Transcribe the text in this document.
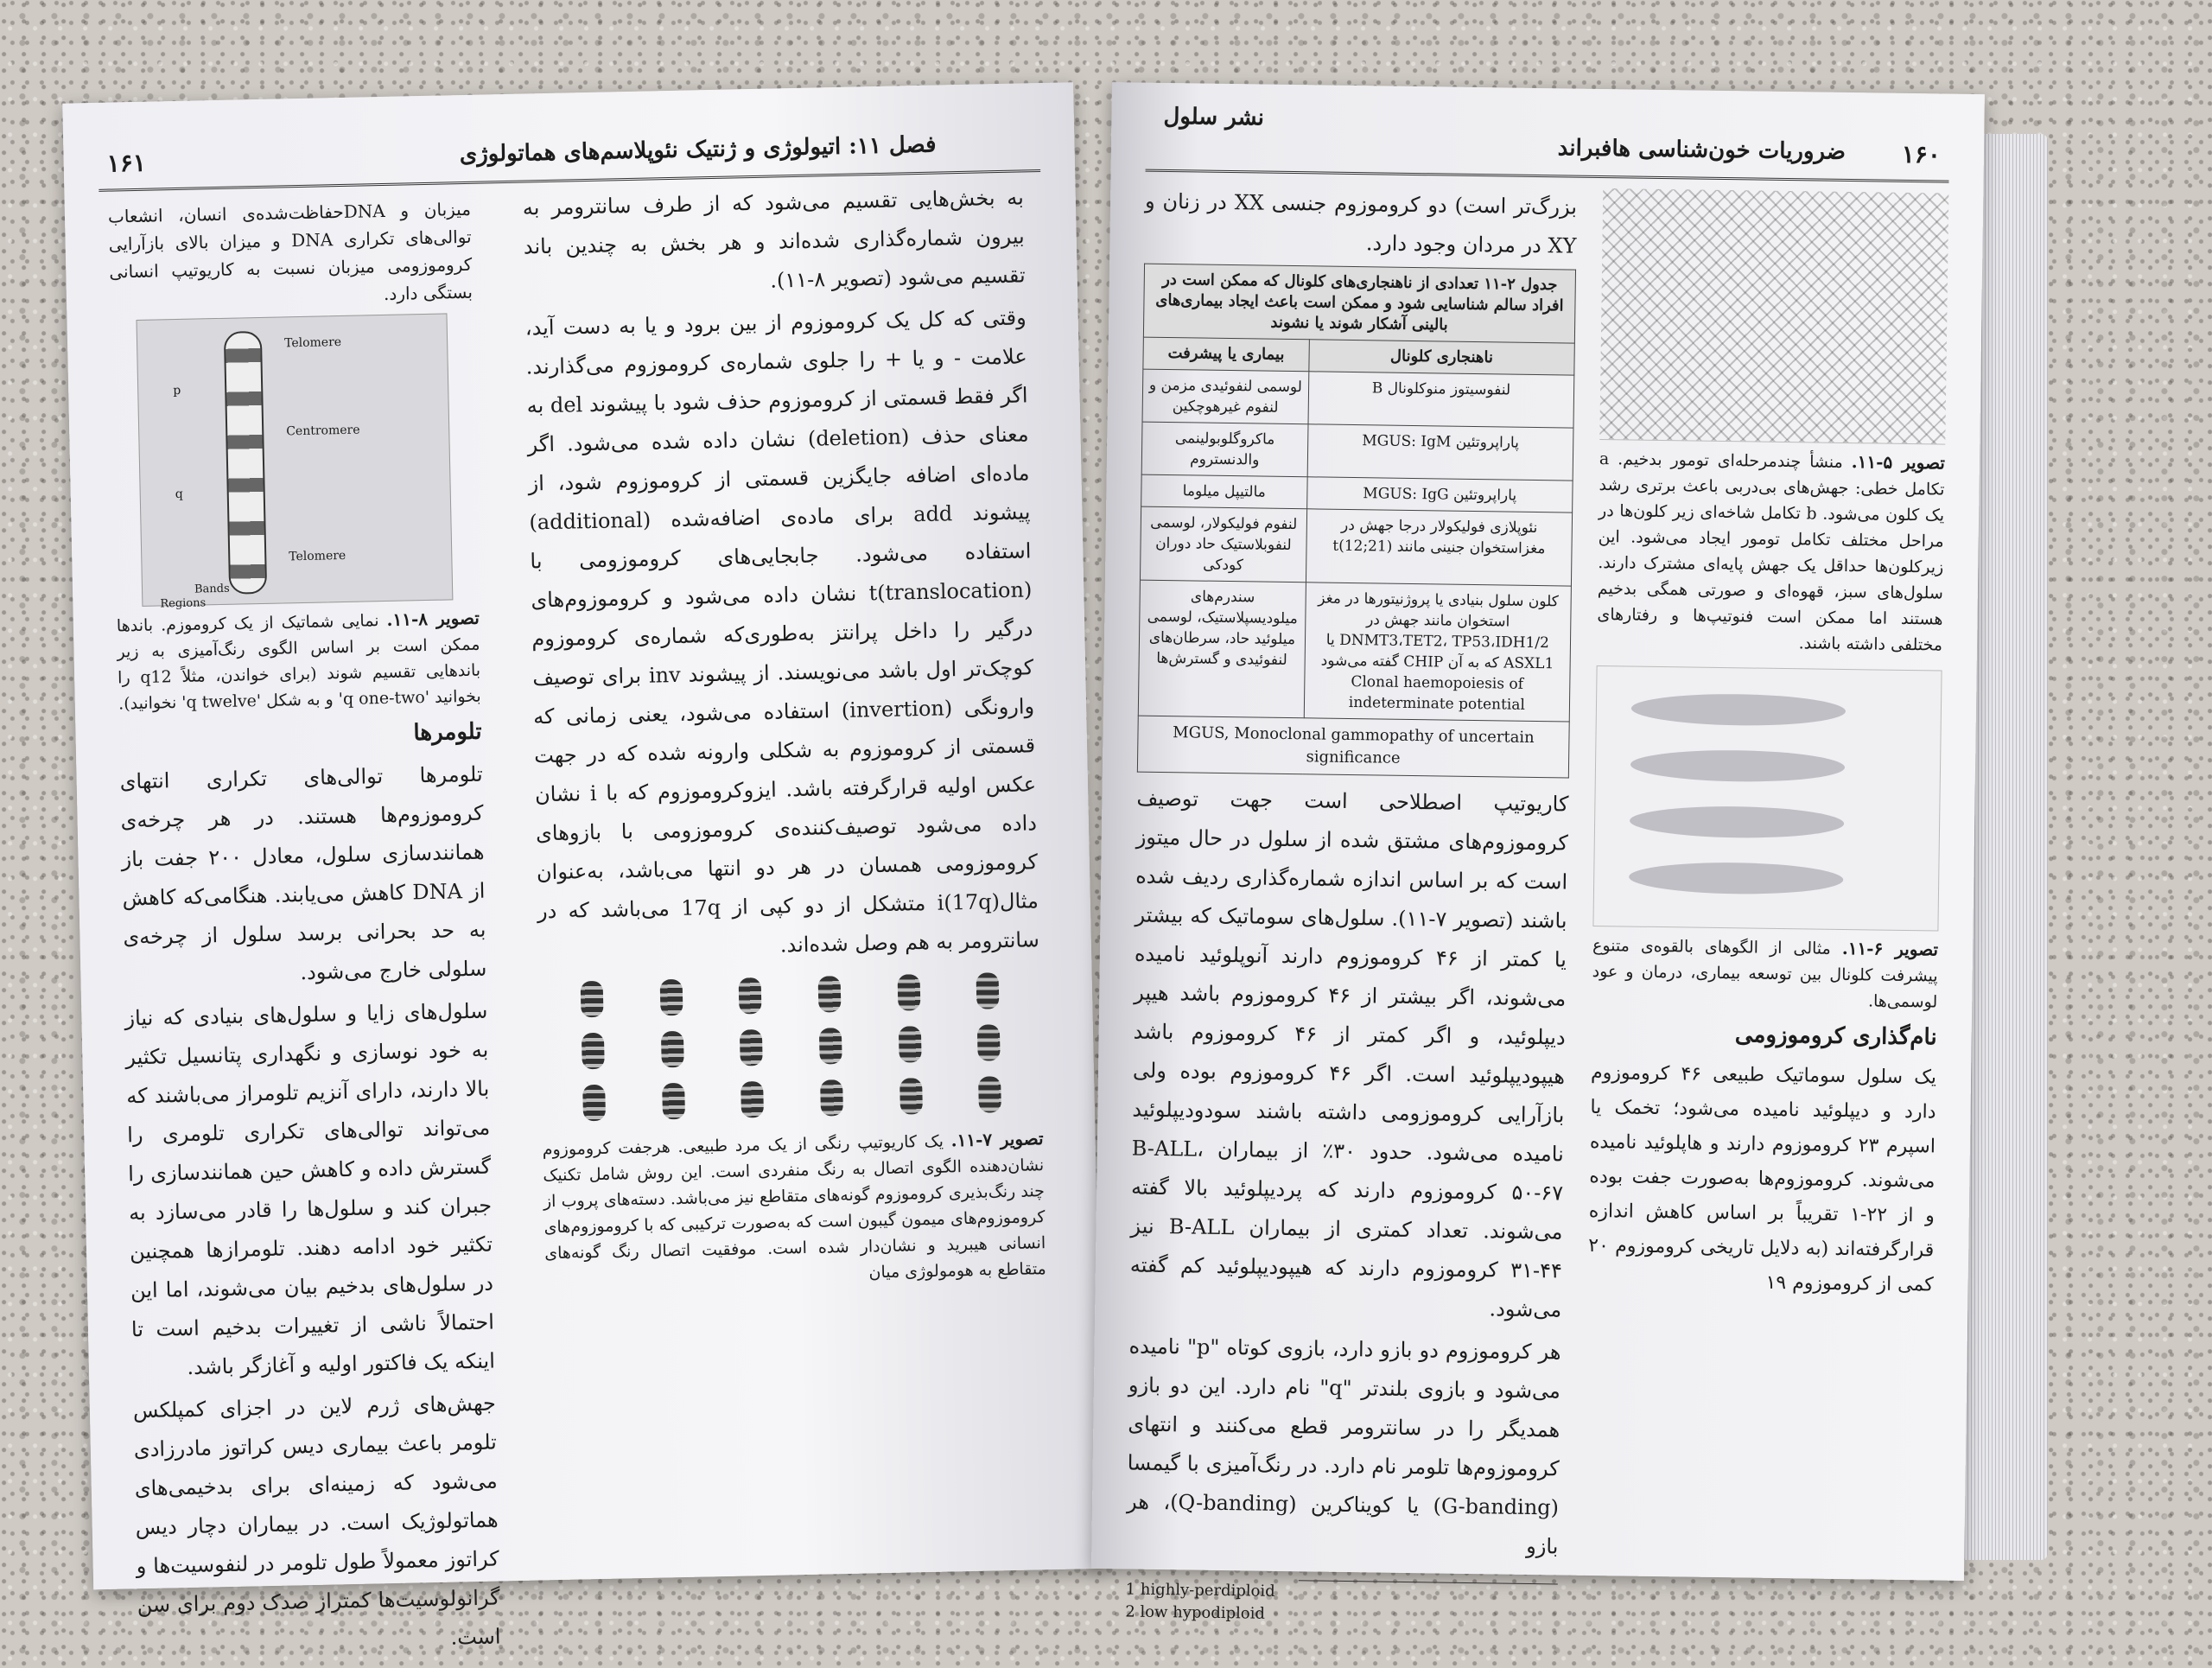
فصل ۱۱: اتیولوژی و ژنتیک نئوپلاسم‌های هماتولوژی
۱۶۱

به بخش‌هایی تقسیم می‌شود که از طرف سانترومر به بیرون شماره‌گذاری شده‌اند و هر بخش به چندین باند تقسیم می‌شود (تصویر ۸-۱۱).

وقتی که کل یک کروموزوم از بین برود و یا به دست آید، علامت - و یا + را جلوی شماره‌ی کروموزوم می‌گذارند. اگر فقط قسمتی از کروموزوم حذف شود با پیشوند del به معنای حذف (deletion) نشان داده شده می‌شود. اگر ماده‌ای اضافه جایگزین قسمتی از کروموزوم شود، از پیشوند add برای ماده‌ی اضافه‌شده (additional) استفاده می‌شود. جابجایی‌های کروموزومی با (translocation)t نشان داده می‌شود و کروموزوم‌های درگیر را داخل پرانتز به‌طوری‌که شماره‌ی کروموزوم کوچک‌تر اول باشد می‌نویسند. از پیشوند inv برای توصیف وارونگی (invertion) استفاده می‌شود، یعنی زمانی که قسمتی از کروموزوم به شکلی وارونه شده که در جهت عکس اولیه قرارگرفته باشد. ایزوکروموزوم که با i نشان داده می‌شود توصیف‌کننده‌ی کروموزومی با بازوهای کروموزومی همسان در هر دو انتها می‌باشد، به‌عنوان مثال(17q)i متشکل از دو کپی از 17q می‌باشد که در سانترومر به هم وصل شده‌اند.

تصویر ۷-۱۱. یک کاریوتیپ رنگی از یک مرد طبیعی. هرجفت کروموزوم نشان‌دهنده الگوی اتصال به رنگ منفردی است. این روش شامل تکنیک چند رنگ‌بذیری کروموزوم گونه‌های متقاطع نیز می‌باشد. دسته‌های پروب از کروموزوم‌های میمون گیبون است که به‌صورت ترکیبی که با کروموزوم‌های انسانی هیبرید و نشان‌دار شده است. موفقیت اتصال رنگ گونه‌های متقاطع به هومولوژی میان
میزبان و DNAحفاظت‌شده‌ی انسان، انشعاب توالی‌های تکراری DNA و میزان بالای بازآرایی کروموزومی میزبان نسبت به کاریوتیپ انسانی بستگی دارد.
Telomere
Centromere
Telomere
p
q
Bands
Regions
تصویر ۸-۱۱. نمایی شماتیک از یک کروموزم. باندها ممکن است بر اساس الگوی رنگ‌آمیزی به زیر باندهایی تقسیم شوند (برای خواندن، مثلاً q12 را بخوانید 'q one-two' و به شکل 'q twelve' نخوانید).
تلومرها

تلومرها توالی‌های تکراری انتهای کروموزوم‌ها هستند. در هر چرخه‌ی همانندسازی سلول، معادل ۲۰۰ جفت باز از DNA کاهش می‌یابند. هنگامی‌که کاهش به حد بحرانی برسد سلول از چرخه‌ی سلولی خارج می‌شود.

سلول‌های زایا و سلول‌های بنیادی که نیاز به خود نوسازی و نگهداری پتانسیل تکثیر بالا دارند، دارای آنزیم تلومراز می‌باشند که می‌تواند توالی‌های تکراری تلومری را گسترش داده و کاهش حین همانندسازی را جبران کند و سلول‌ها را قادر می‌سازد به تکثیر خود ادامه دهند. تلومرازها همچنین در سلول‌های بدخیم بیان می‌شوند، اما این احتمالاً ناشی از تغییرات بدخیم است تا اینکه یک فاکتور اولیه و آغازگر باشد.

جهش‌های ژرم لاین در اجزای کمپلکس تلومر باعث بیماری دیس کراتوز مادرزادی می‌شود که زمینه‌ای برای بدخیمی‌های هماتولوژیک است. در بیماران دچار دیس کراتوز معمولاً طول تلومر در لنفوسیت‌ها و گرانولوسیت‌ها کمتراز صدک دوم برای سن است.

ضروریات خون‌شناسی هافبراند ۱۶۰
نشر سلول
تصویر ۵-۱۱. منشأ چندمرحله‌ای تومور بدخیم. a تکامل خطی: جهش‌های بی‌دربی باعث برتری رشد یک کلون می‌شود. b تکامل شاخه‌ای زیر کلون‌ها در مراحل مختلف تکامل تومور ایجاد می‌شود. این زیرکلون‌ها حداقل یک جهش پایه‌ای مشترک دارند. سلول‌های سبز، قهوه‌ای و صورتی همگی بدخیم هستند اما ممکن است فنوتیپ‌ها و رفتارهای مختلفی داشته باشند.
تصویر ۶-۱۱. مثالی از الگوهای بالقوه‌ی متنوع پیشرفت کلونال بین توسعه بیماری، درمان و عود لوسمی‌ها.
نام‌گذاری کروموزومی

یک سلول سوماتیک طبیعی ۴۶ کروموزوم دارد و دیپلوئید نامیده می‌شود؛ تخمک یا اسپرم ۲۳ کروموزوم دارند و هاپلوئید نامیده می‌شوند. کروموزوم‌ها به‌صورت جفت بوده و از ۲۲-۱ تقریباً بر اساس کاهش اندازه قرارگرفته‌اند (به دلایل تاریخی کروموزوم ۲۰ کمی از کروموزوم ۱۹

بزرگ‌تر است) دو کروموزوم جنسی XX در زنان و XY در مردان وجود دارد.

جدول ۲-۱۱ تعدادی از ناهنجاری‌های کلونال که ممکن است در افراد سالم شناسایی شود و ممکن است باعث ایجاد بیماری‌های بالینی آشکار شوند یا نشوند	
ناهنجاری کلونال	بیماری یا پیشرفت
لنفوسیتوز منوکلونال B	لوسمی لنفوئیدی مزمن و لنفوم غیرهوچکین
پاراپروتئین MGUS: IgM	ماکروگلوبولینمی والدنستروم
پاراپروتئین MGUS: IgG	مالتیپل میلوما
نئوپلازی فولیکولار درجا جهش در مغزاستخوان جنینی مانند t(12;21)	لنفوم فولیکولار، لوسمی لنفوبلاستیک حاد دوران کودکی
کلون سلول بنیادی یا پروژنیتورها در مغز استخوان مانند جهش در DNMT3،TET2، TP53،IDH1/2 یا ASXL1 که به آن CHIP گفته می‌شود Clonal haemopoiesis of indeterminate potential	سندرم‌های میلودیسپلاستیک، لوسمی میلوئید حاد، سرطان‌های لنفوئیدی و گسترش‌ها
MGUS, Monoclonal gammopathy of uncertain significance	

کاریوتیپ اصطلاحی است جهت توصیف کروموزوم‌های مشتق شده از سلول در حال میتوز است که بر اساس اندازه شماره‌گذاری ردیف شده باشند (تصویر ۷-۱۱). سلول‌های سوماتیک که بیشتر یا کمتر از ۴۶ کروموزوم دارند آنوپلوئید نامیده می‌شوند، اگر بیشتر از ۴۶ کروموزوم باشد هیپر دیپلوئید، و اگر کمتر از ۴۶ کروموزوم باشد هیپودیپلوئید است. اگر ۴۶ کروموزوم بوده ولی بازآرایی کروموزومی داشته باشند سودودیپلوئید نامیده می‌شود. حدود ۳۰٪ از بیماران B-ALL، ۵۰-۶۷ کروموزوم دارند که پردیپلوئید بالا گفته می‌شوند. تعداد کمتری از بیماران B-ALL نیز ۴۴-۳۱ کروموزوم دارند که هیپودیپلوئید کم گفته می‌شود.

هر کروموزوم دو بازو دارد، بازوی کوتاه "p" نامیده می‌شود و بازوی بلندتر "q" نام دارد. این دو بازو همدیگر را در سانترومر قطع می‌کنند و انتهای کروموزوم‌ها تلومر نام دارد. در رنگ‌آمیزی با گیمسا (G-banding) یا کویناکرین (Q-banding)، هر بازو

1 highly-perdiploid
2 low hypodiploid
